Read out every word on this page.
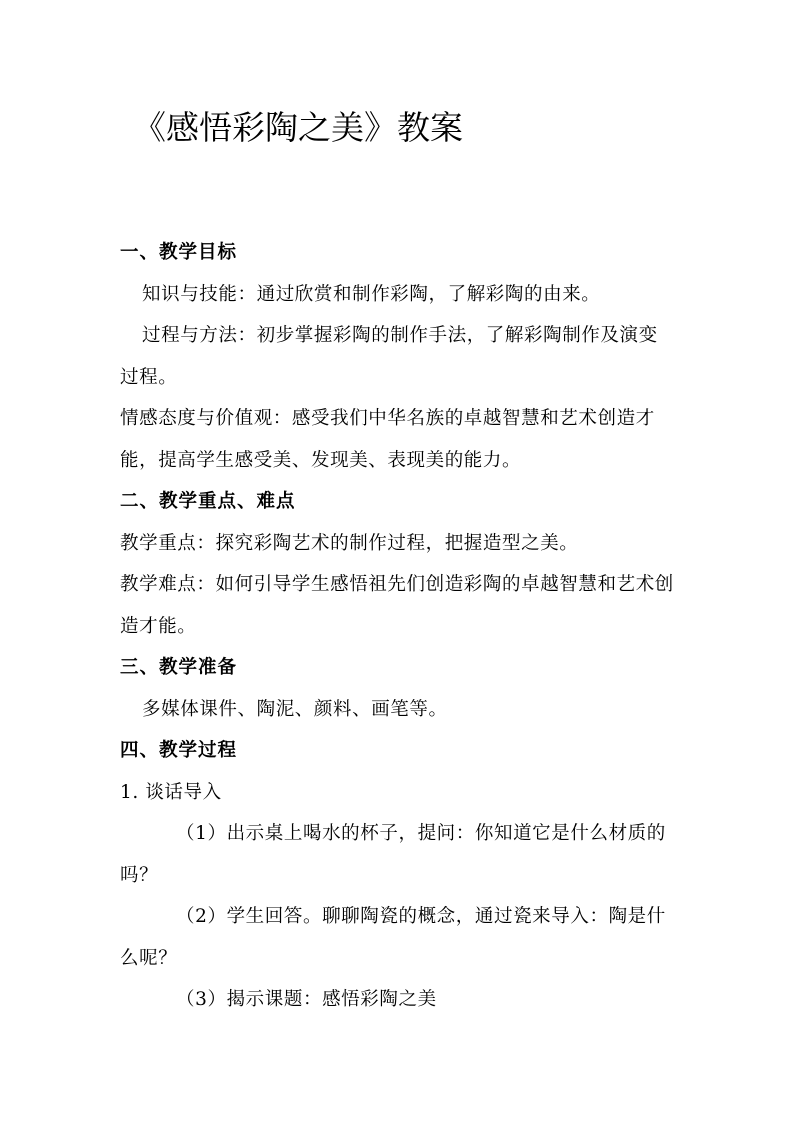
《感悟彩陶之美》教案

一、教学目标

知识与技能：通过欣赏和制作彩陶，了解彩陶的由来。

过程与方法：初步掌握彩陶的制作手法，了解彩陶制作及演变过程。

情感态度与价值观：感受我们中华名族的卓越智慧和艺术创造才能，提高学生感受美、发现美、表现美的能力。

二、教学重点、难点

教学重点：探究彩陶艺术的制作过程，把握造型之美。

教学难点：如何引导学生感悟祖先们创造彩陶的卓越智慧和艺术创造才能。

三、教学准备

多媒体课件、陶泥、颜料、画笔等。

四、教学过程

1. 谈话导入

（1）出示桌上喝水的杯子，提问：你知道它是什么材质的吗？

（2）学生回答。聊聊陶瓷的概念，通过瓷来导入：陶是什么呢？

（3）揭示课题：感悟彩陶之美
